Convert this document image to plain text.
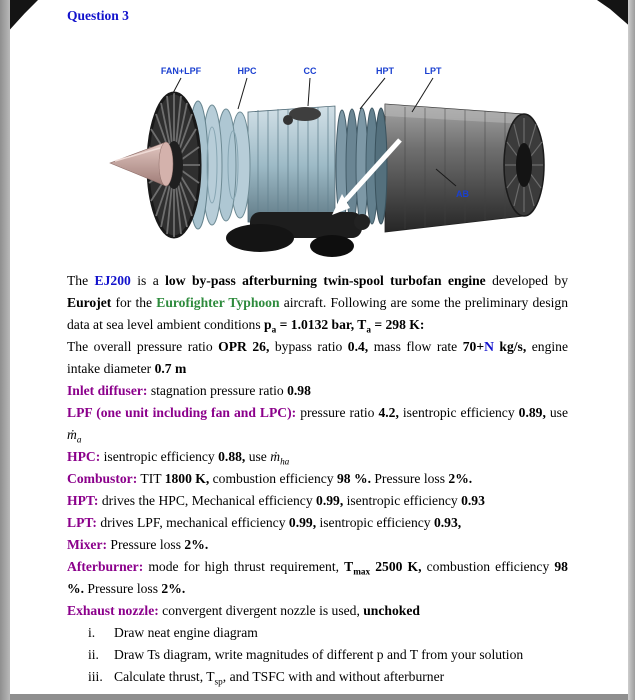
Question 3
FAN+LPF	HPC	CC	HPT	LPT
AB

The EJ200 is a low by-pass afterburning twin-spool turbofan engine developed by Eurojet for the Eurofighter Typhoon aircraft. Following are some the preliminary design data at sea level ambient conditions $p_a = 1.0132$ bar, $T_a = 298$ K:

The overall pressure ratio OPR 26, bypass ratio 0.4, mass flow rate 70+N kg/s, engine intake diameter 0.7 m

Inlet diffuser: stagnation pressure ratio 0.98

LPF (one unit including fan and LPC): pressure ratio 4.2, isentropic efficiency 0.89, use ṁ$_a$

HPC: isentropic efficiency 0.88, use ṁ$_{ha}$

Combustor: TIT 1800 K, combustion efficiency 98 %. Pressure loss 2%.

HPT: drives the HPC, Mechanical efficiency 0.99, isentropic efficiency 0.93

LPT: drives LPF, mechanical efficiency 0.99, isentropic efficiency 0.93,

Mixer: Pressure loss 2%.

Afterburner: mode for high thrust requirement, $T_{max}$ 2500 K, combustion efficiency 98 %. Pressure loss 2%.

Exhaust nozzle: convergent divergent nozzle is used, unchoked

i.	Draw neat engine diagram
ii.	Draw Ts diagram, write magnitudes of different p and T from your solution
iii. Calculate thrust, $T_{sp}$, and TSFC with and without afterburner
